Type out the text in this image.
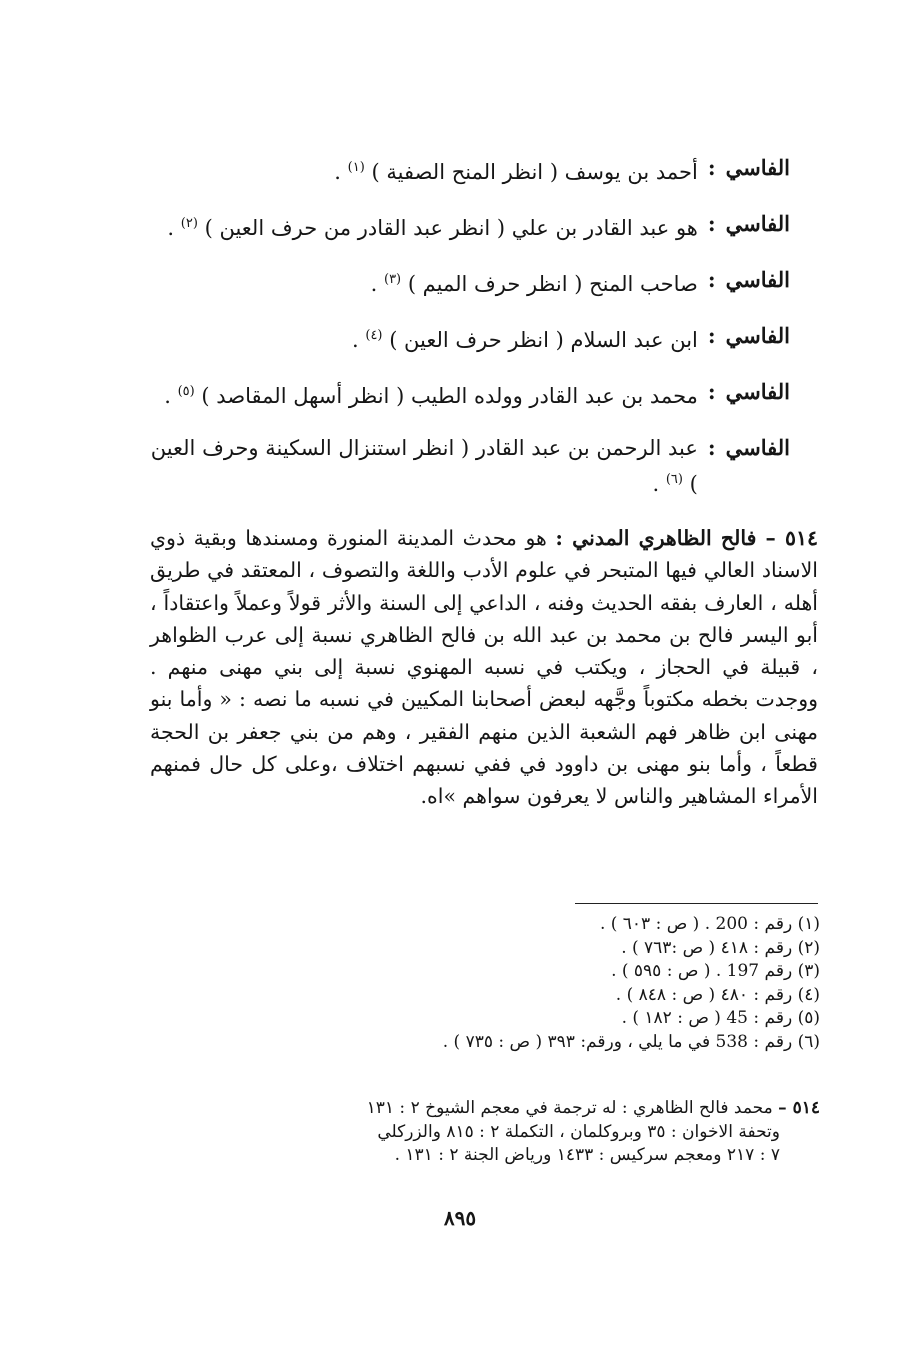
الفاسي
:
أحمد بن يوسف ( انظر المنح الصفية ) $^{(١)}$ .
الفاسي
:
هو عبد القادر بن علي ( انظر عبد القادر من حرف العين ) $^{(٢)}$ .
الفاسي
:
صاحب المنح ( انظر حرف الميم ) $^{(٣)}$ .
الفاسي
:
ابن عبد السلام ( انظر حرف العين ) $^{(٤)}$ .
الفاسي
:
محمد بن عبد القادر وولده الطيب ( انظر أسهل المقاصد ) $^{(٥)}$ .
الفاسي
:
عبد الرحمن بن عبد القادر ( انظر استنزال السكينة وحرف العين ) $^{(٦)}$ .
٥١٤ – فالح الظاهري المدني : هو محدث المدينة المنورة ومسندها وبقية ذوي الاسناد العالي فيها المتبحر في علوم الأدب واللغة والتصوف ، المعتقد في طريق أهله ، العارف بفقه الحديث وفنه ، الداعي إلى السنة والأثر قولاً وعملاً واعتقاداً ، أبو اليسر فالح بن محمد بن عبد الله بن فالح الظاهري نسبة إلى عرب الظواهر ، قبيلة في الحجاز ، ويكتب في نسبه المهنوي نسبة إلى بني مهنى منهم . ووجدت بخطه مكتوباً وجَّهه لبعض أصحابنا المكيين في نسبه ما نصه : « وأما بنو مهنى ابن ظاهر فهم الشعبة الذين منهم الفقير ، وهم من بني جعفر بن الحجة قطعاً ، وأما بنو مهنى بن داوود في ففي نسبهم اختلاف ،وعلى كل حال فمنهم الأمراء المشاهير والناس لا يعرفون سواهم »اه.
(١) رقم : 200 . ( ص : ٦٠٣ ) .
(٢) رقم : ٤١٨ ( ص :٧٦٣ ) .
(٣) رقم 197 . ( ص : ٥٩٥ ) .
(٤) رقم : ٤٨٠ ( ص : ٨٤٨ ) .
(٥) رقم : 45 ( ص : ١٨٢ ) .
(٦) رقم : 538 في ما يلي ، ورقم: ٣٩٣ ( ص : ٧٣٥ ) .
٥١٤ – محمد فالح الظاهري : له ترجمة في معجم الشيوخ ٢ : ١٣١
وتحفة الاخوان : ٣٥ وبروكلمان ، التكملة ٢ : ٨١٥ والزركلي
٧ : ٢١٧ ومعجم سركيس : ١٤٣٣ ورياض الجنة ٢ : ١٣١ .
٨٩٥
